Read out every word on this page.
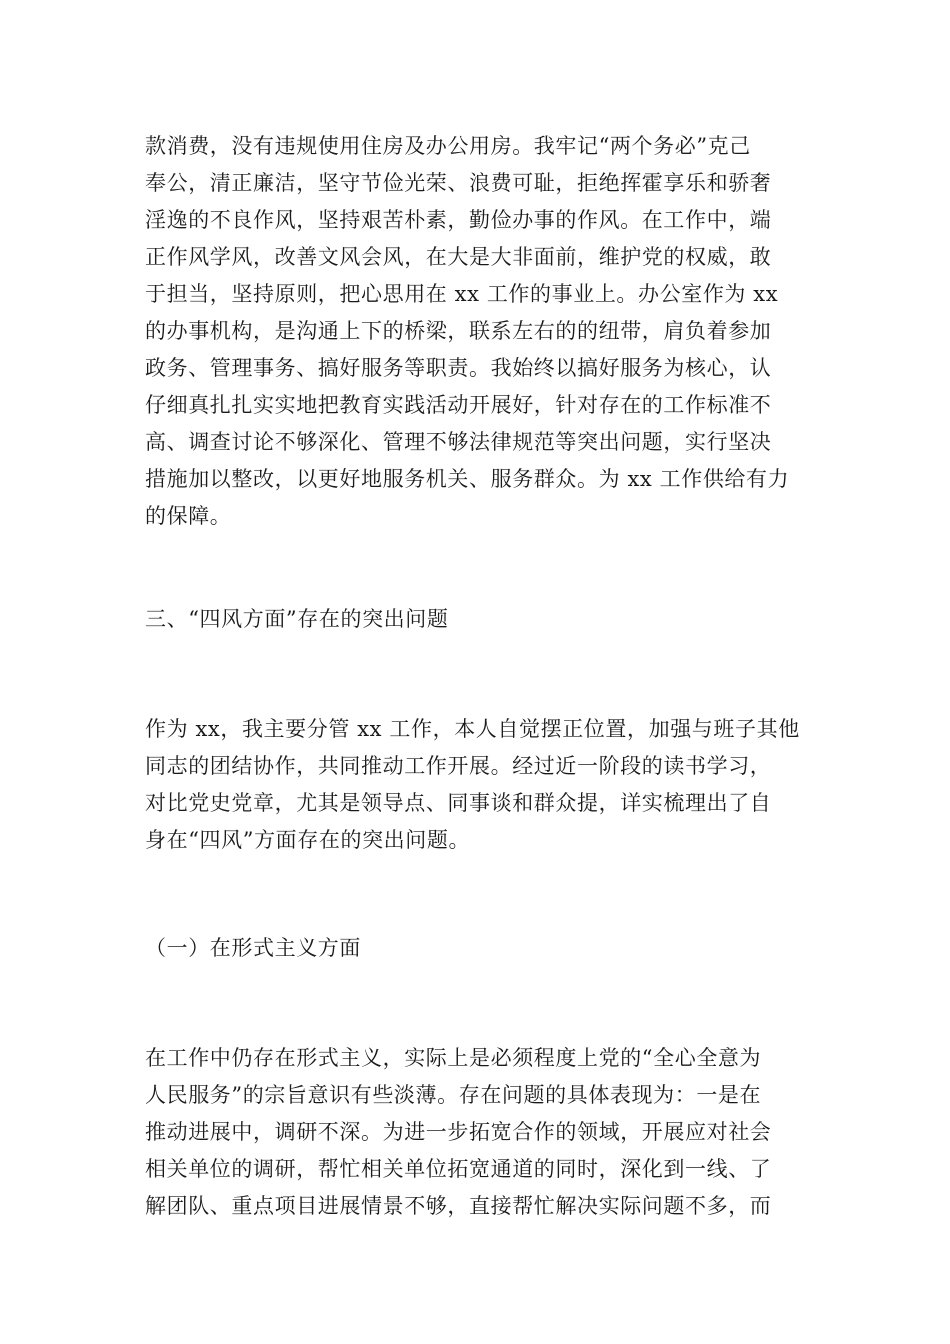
款消费，没有违规使用住房及办公用房。我牢记“两个务必”克己
奉公，清正廉洁，坚守节俭光荣、浪费可耻，拒绝挥霍享乐和骄奢
淫逸的不良作风，坚持艰苦朴素，勤俭办事的作风。在工作中，端
正作风学风，改善文风会风，在大是大非面前，维护党的权威，敢
于担当，坚持原则，把心思用在 xx 工作的事业上。办公室作为 xx
的办事机构，是沟通上下的桥梁，联系左右的的纽带，肩负着参加
政务、管理事务、搞好服务等职责。我始终以搞好服务为核心，认
仔细真扎扎实实地把教育实践活动开展好，针对存在的工作标准不
高、调查讨论不够深化、管理不够法律规范等突出问题，实行坚决
措施加以整改，以更好地服务机关、服务群众。为 xx 工作供给有力
的保障。
三、“四风方面”存在的突出问题
作为 xx，我主要分管 xx 工作，本人自觉摆正位置，加强与班子其他
同志的团结协作，共同推动工作开展。经过近一阶段的读书学习，
对比党史党章，尤其是领导点、同事谈和群众提，详实梳理出了自
身在“四风”方面存在的突出问题。
（一）在形式主义方面
在工作中仍存在形式主义，实际上是必须程度上党的“全心全意为
人民服务”的宗旨意识有些淡薄。存在问题的具体表现为：一是在
推动进展中，调研不深。为进一步拓宽合作的领域，开展应对社会
相关单位的调研，帮忙相关单位拓宽通道的同时，深化到一线、了
解团队、重点项目进展情景不够，直接帮忙解决实际问题不多，而
